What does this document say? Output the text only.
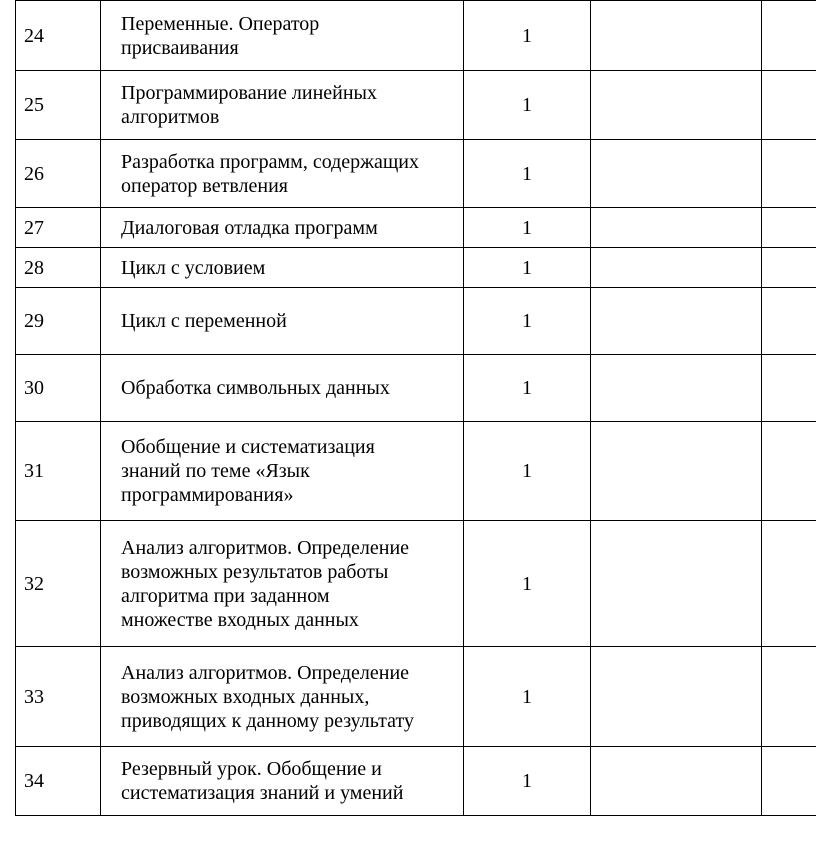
24	Переменные. Оператор
присваивания	1		
25	Программирование линейных
алгоритмов	1		
26	Разработка программ, содержащих
оператор ветвления	1		
27	Диалоговая отладка программ	1		
28	Цикл с условием	1		
29	Цикл с переменной	1		
30	Обработка символьных данных	1		
31	Обобщение и систематизация
знаний по теме «Язык
программирования»	1		
32	Анализ алгоритмов. Определение
возможных результатов работы
алгоритма при заданном
множестве входных данных	1		
33	Анализ алгоритмов. Определение
возможных входных данных,
приводящих к данному результату	1		
34	Резервный урок. Обобщение и
систематизация знаний и умений	1		
